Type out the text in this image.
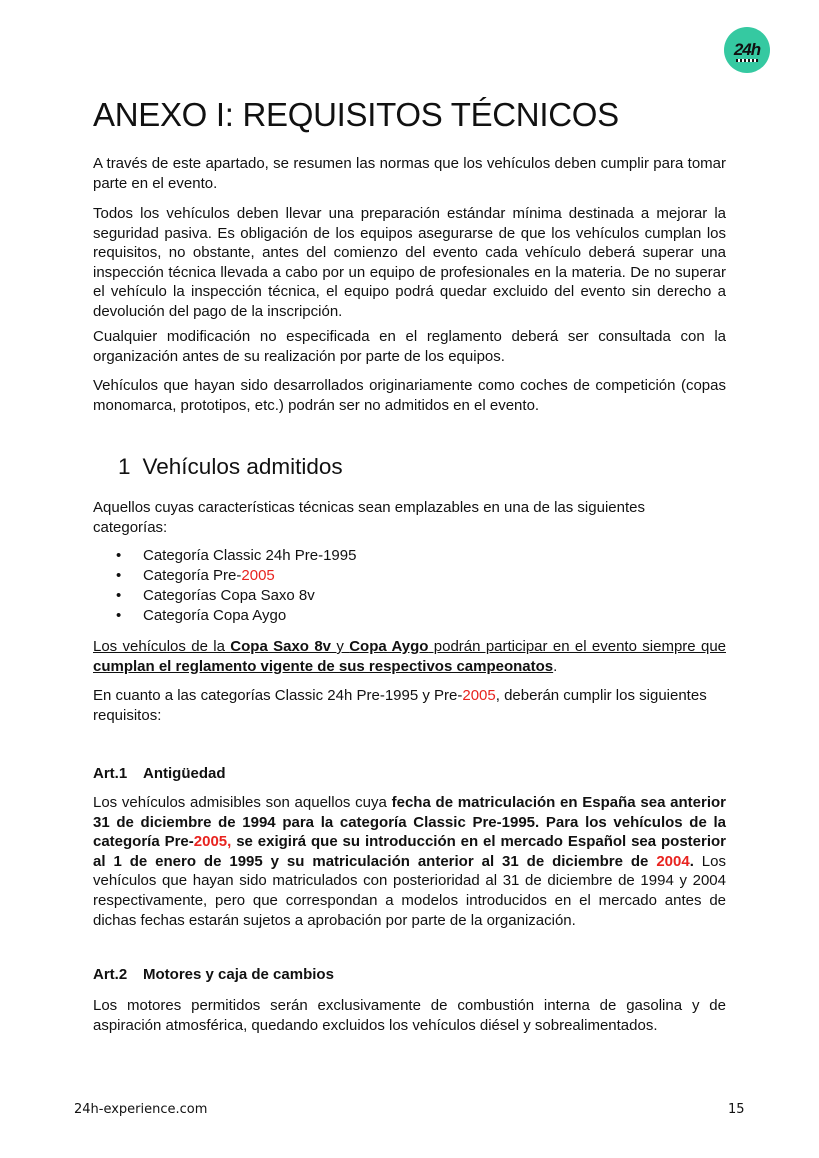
24h
ANEXO I: REQUISITOS TÉCNICOS

A través de este apartado, se resumen las normas que los vehículos deben cumplir para tomar parte en el evento.

Todos los vehículos deben llevar una preparación estándar mínima destinada a mejorar la seguridad pasiva. Es obligación de los equipos asegurarse de que los vehículos cumplan los requisitos, no obstante, antes del comienzo del evento cada vehículo deberá superar una inspección técnica llevada a cabo por un equipo de profesionales en la materia. De no superar el vehículo la inspección técnica, el equipo podrá quedar excluido del evento sin derecho a devolución del pago de la inscripción.

Cualquier modificación no especificada en el reglamento deberá ser consultada con la organización antes de su realización por parte de los equipos.

Vehículos que hayan sido desarrollados originariamente como coches de competición (copas monomarca, prototipos, etc.) podrán ser no admitidos en el evento.

1 Vehículos admitidos

Aquellos cuyas características técnicas sean emplazables en una de las siguientes categorías:

• Categoría Classic 24h Pre-1995
• Categoría Pre-2005
• Categorías Copa Saxo 8v
• Categoría Copa Aygo

Los vehículos de la Copa Saxo 8v y Copa Aygo podrán participar en el evento siempre que cumplan el reglamento vigente de sus respectivos campeonatos.

En cuanto a las categorías Classic 24h Pre-1995 y Pre-2005, deberán cumplir los siguientes requisitos:

Art.1 Antigüedad

Los vehículos admisibles son aquellos cuya fecha de matriculación en España sea anterior 31 de diciembre de 1994 para la categoría Classic Pre-1995. Para los vehículos de la categoría Pre-2005, se exigirá que su introducción en el mercado Español sea posterior al 1 de enero de 1995 y su matriculación anterior al 31 de diciembre de 2004. Los vehículos que hayan sido matriculados con posterioridad al 31 de diciembre de 1994 y 2004 respectivamente, pero que correspondan a modelos introducidos en el mercado antes de dichas fechas estarán sujetos a aprobación por parte de la organización.

Art.2 Motores y caja de cambios

Los motores permitidos serán exclusivamente de combustión interna de gasolina y de aspiración atmosférica, quedando excluidos los vehículos diésel y sobrealimentados.

24h-experience.com	15
